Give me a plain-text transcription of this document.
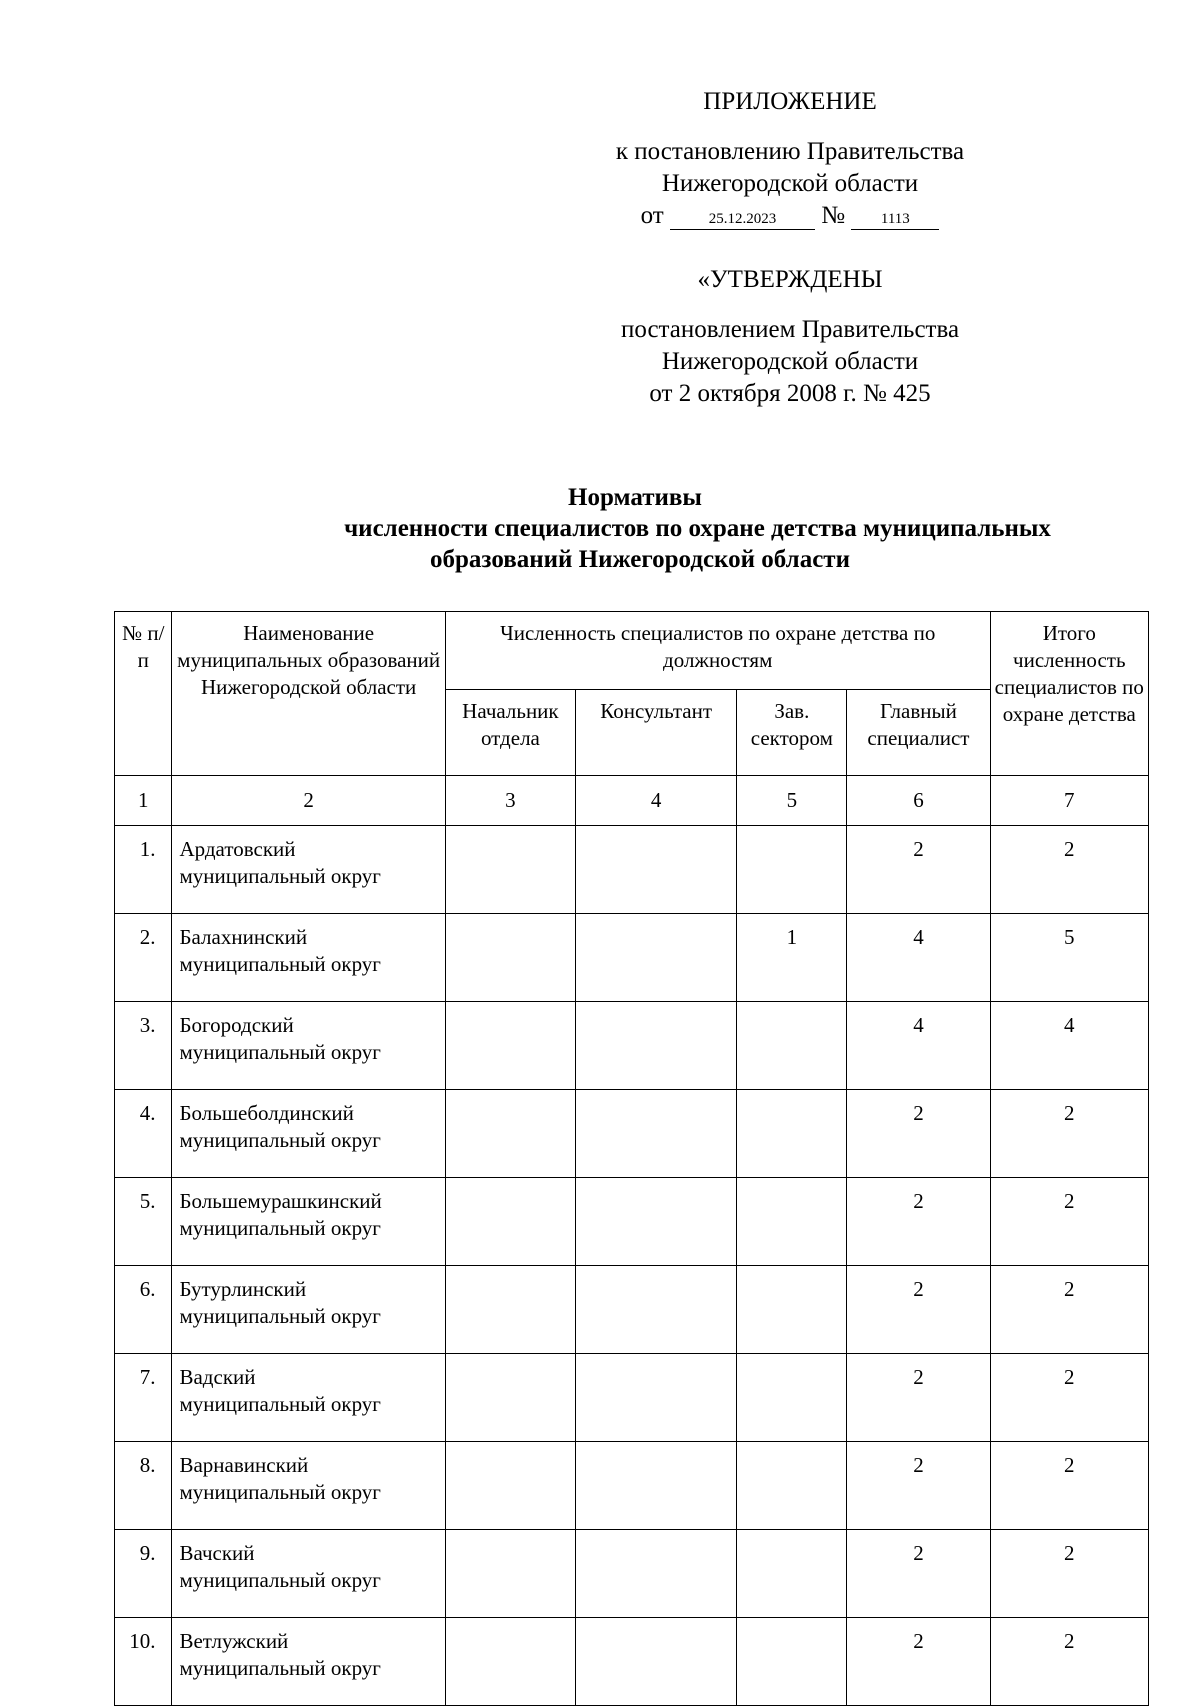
ПРИЛОЖЕНИЕ
к постановлению Правительства
Нижегородской области
от	25.12.2023 № 1113
«УТВЕРЖДЕНЫ
постановлением Правительства
Нижегородской области
от 2 октября 2008 г. № 425
Нормативы
численности специалистов по охране детства муниципальных
образований Нижегородской области
№ п/п	Наименование муниципальных образований Нижегородской области	Численность специалистов по охране детства по должностям				Итого численность специалистов по охране детства
		Начальник отдела	Консультант	Зав. сектором	Главный специалист	
1	2	3	4	5	6	7
1.	Ардатовский
муниципальный округ				2	2
2.	Балахнинский
муниципальный округ			1	4	5
3.	Богородский
муниципальный округ				4	4
4.	Большеболдинский
муниципальный округ				2	2
5.	Большемурашкинский
муниципальный округ				2	2
6.	Бутурлинский
муниципальный округ				2	2
7.	Вадский
муниципальный округ				2	2
8.	Варнавинский
муниципальный округ				2	2
9.	Вачский
муниципальный округ				2	2
10.	Ветлужский
муниципальный округ				2	2
